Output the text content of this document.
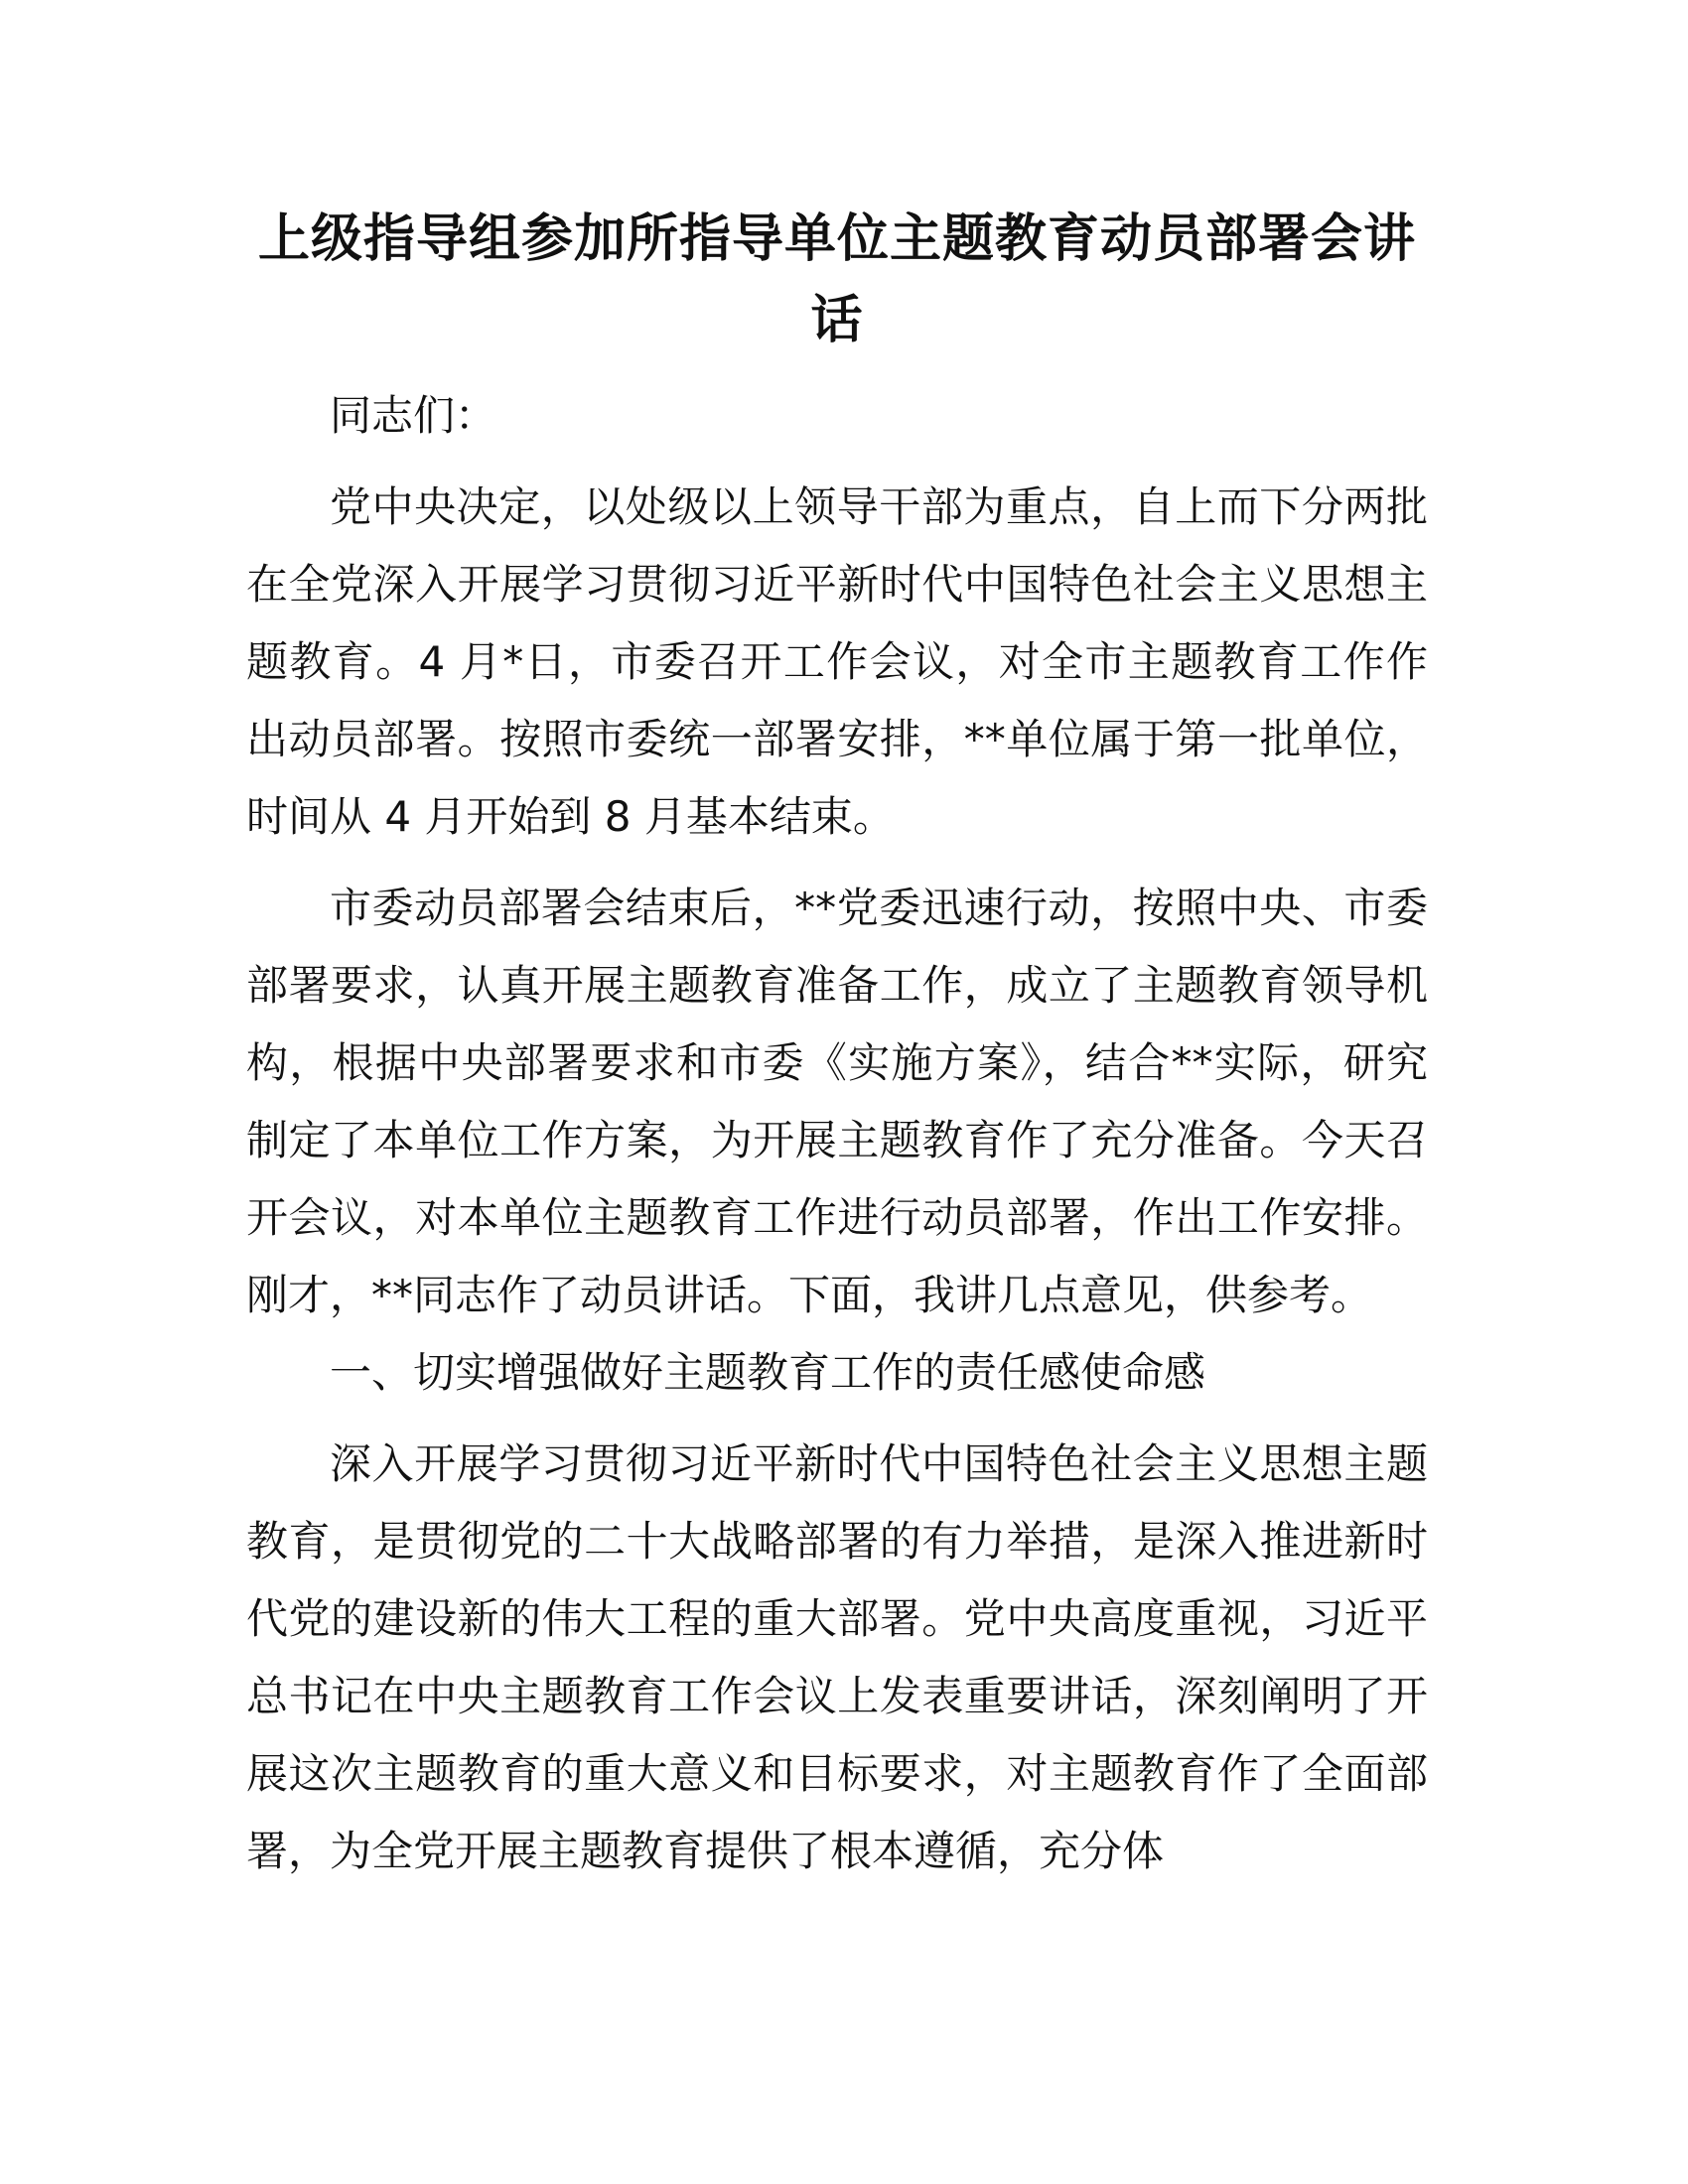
上级指导组参加所指导单位主题教育动员部署会讲话

同志们：

党中央决定，以处级以上领导干部为重点，自上而下分两批在全党深入开展学习贯彻习近平新时代中国特色社会主义思想主题教育。4 月*日，市委召开工作会议，对全市主题教育工作作出动员部署。按照市委统一部署安排，**单位属于第一批单位，时间从 4 月开始到 8 月基本结束。

市委动员部署会结束后，**党委迅速行动，按照中央、市委部署要求，认真开展主题教育准备工作，成立了主题教育领导机构，根据中央部署要求和市委《实施方案》，结合**实际，研究制定了本单位工作方案，为开展主题教育作了充分准备。今天召开会议，对本单位主题教育工作进行动员部署，作出工作安排。刚才，**同志作了动员讲话。下面，我讲几点意见，供参考。

一、切实增强做好主题教育工作的责任感使命感

深入开展学习贯彻习近平新时代中国特色社会主义思想主题教育，是贯彻党的二十大战略部署的有力举措，是深入推进新时代党的建设新的伟大工程的重大部署。党中央高度重视，习近平总书记在中央主题教育工作会议上发表重要讲话，深刻阐明了开展这次主题教育的重大意义和目标要求，对主题教育作了全面部署，为全党开展主题教育提供了根本遵循，充分体
